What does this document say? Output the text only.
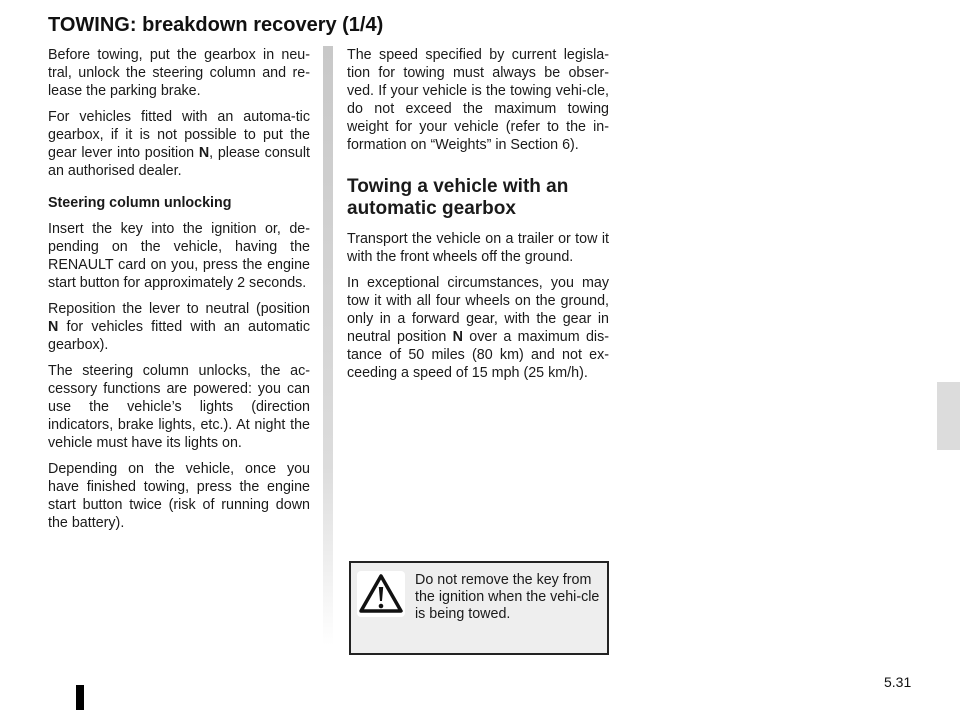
TOWING: breakdown recovery (1/4)

Before towing, put the gearbox in neu-tral, unlock the steering column and re-lease the parking brake.

For vehicles fitted with an automa-tic gearbox, if it is not possible to put the gear lever into position N, please consult an authorised dealer.

Steering column unlocking

Insert the key into the ignition or, de-pending on the vehicle, having the RENAULT card on you, press the engine start button for approximately 2 seconds.

Reposition the lever to neutral (position N for vehicles fitted with an automatic gearbox).

The steering column unlocks, the ac-cessory functions are powered: you can use the vehicle’s lights (direction indicators, brake lights, etc.). At night the vehicle must have its lights on.

Depending on the vehicle, once you have finished towing, press the engine start button twice (risk of running down the battery).

The speed specified by current legisla-tion for towing must always be obser-ved. If your vehicle is the towing vehi-cle, do not exceed the maximum towing weight for your vehicle (refer to the in-formation on “Weights” in Section 6).

Towing a vehicle with an automatic gearbox

Transport the vehicle on a trailer or tow it with the front wheels off the ground.

In exceptional circumstances, you may tow it with all four wheels on the ground, only in a forward gear, with the gear in neutral position N over a maximum dis-tance of 50 miles (80 km) and not ex-ceeding a speed of 15 mph (25 km/h).

Do not remove the key from the ignition when the vehi-cle is being towed.

5.31
